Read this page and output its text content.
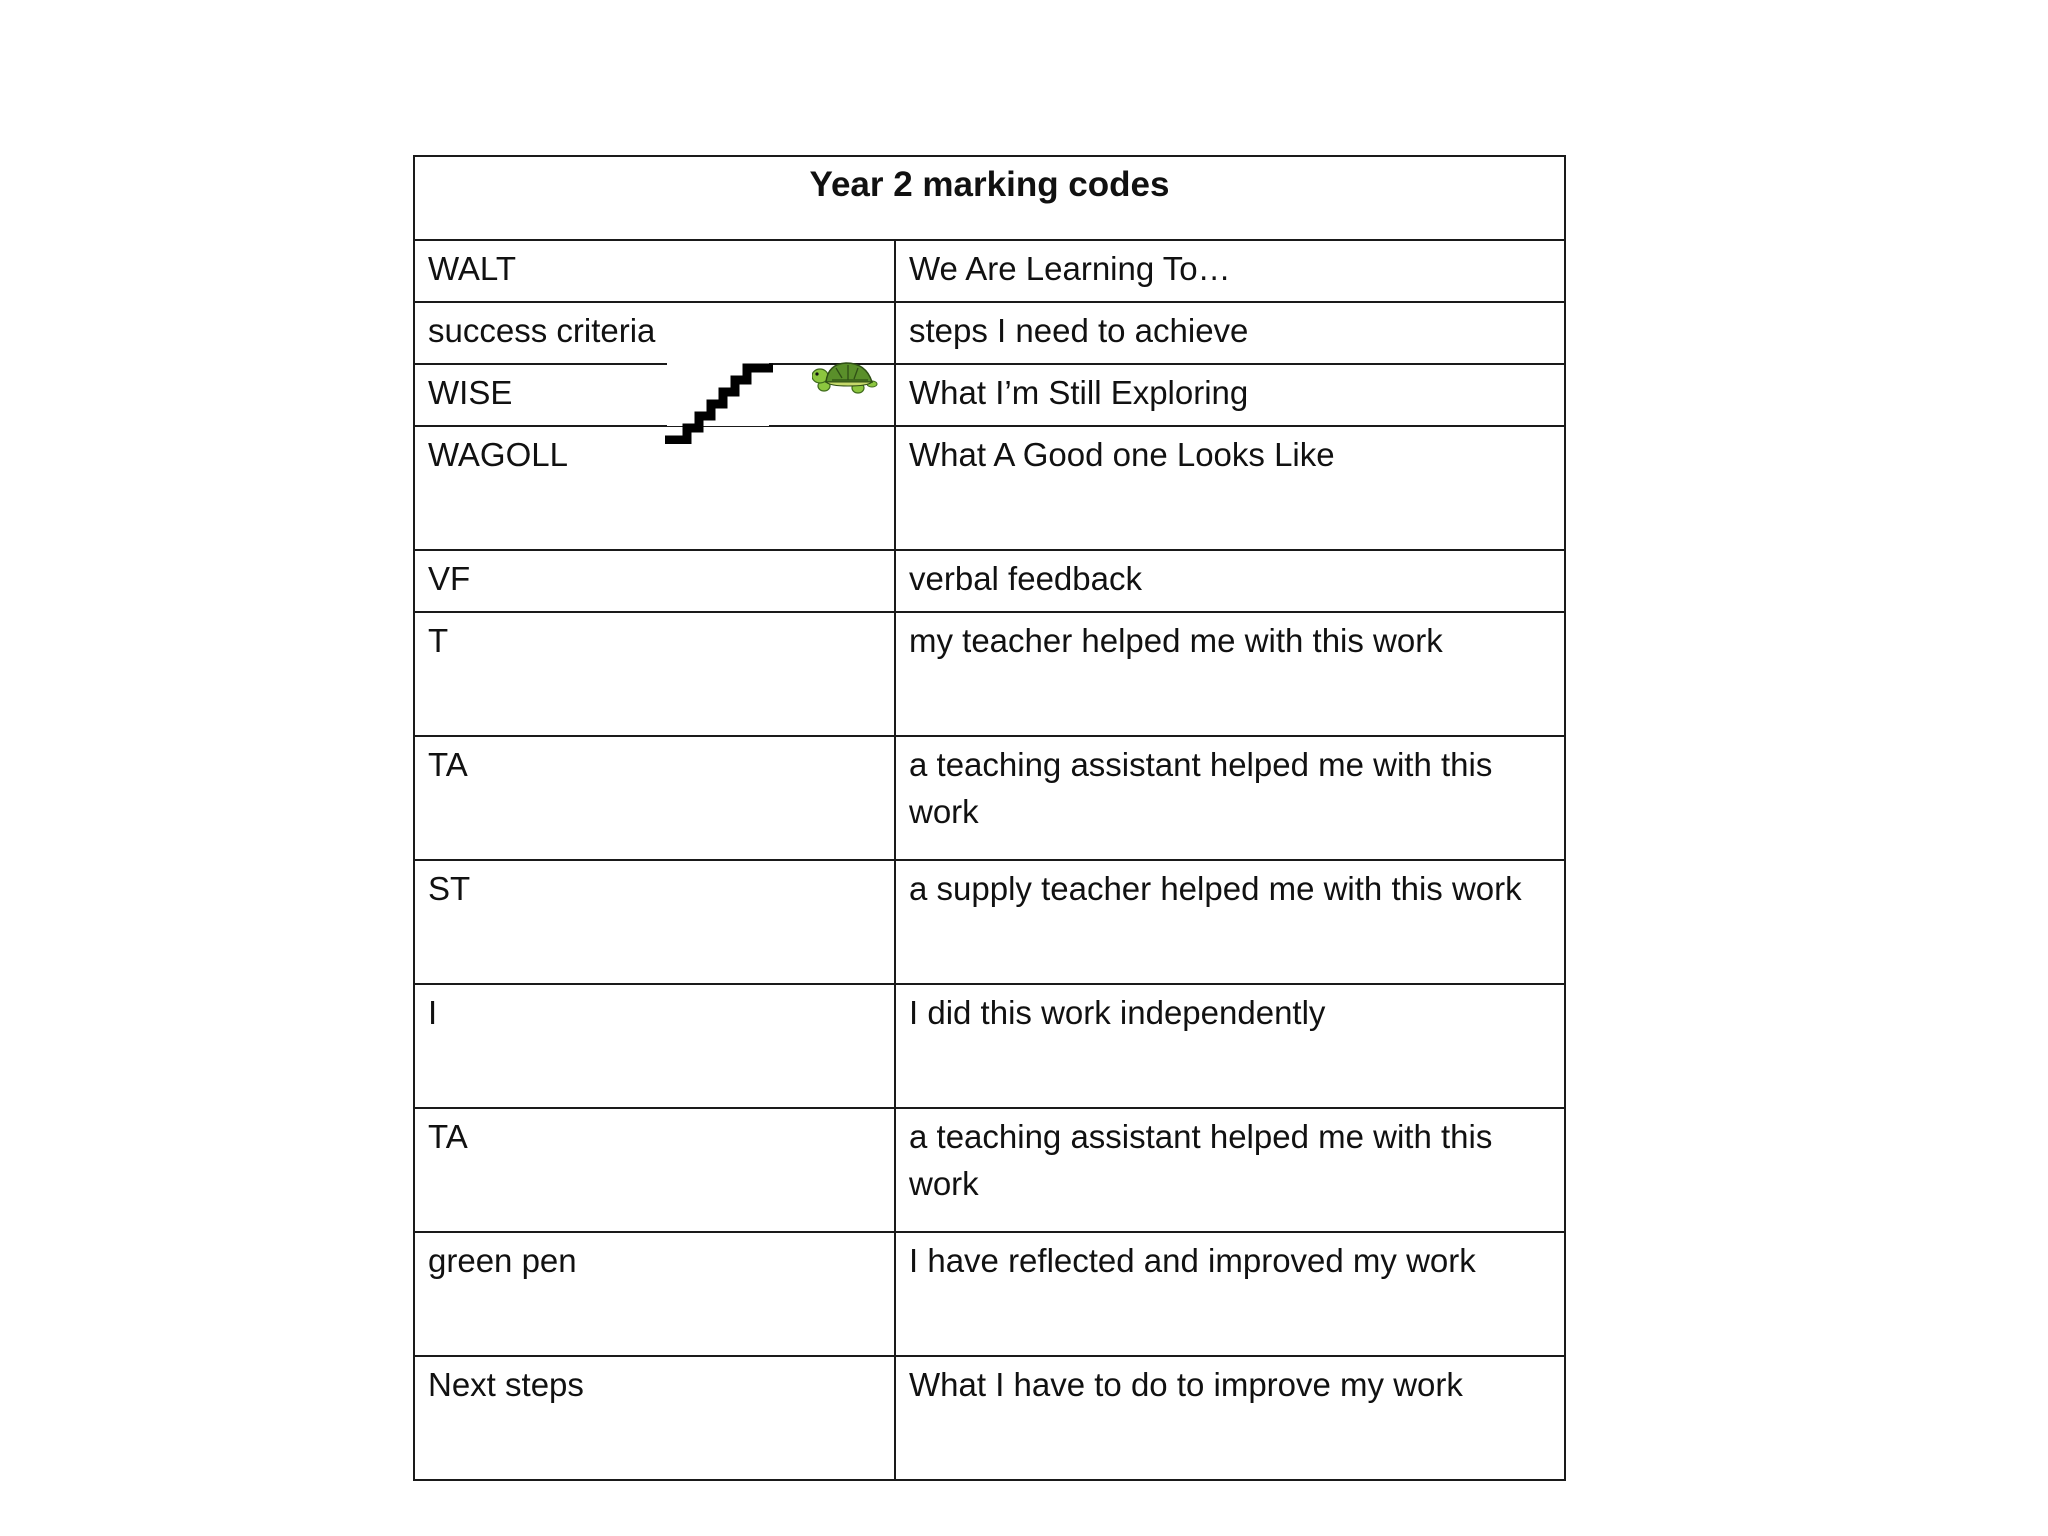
Year 2 marking codes	
WALT	We Are Learning To…
success criteria	steps I need to achieve
WISE	What I’m Still Exploring
WAGOLL	What A Good one Looks Like
VF	verbal feedback
T	my teacher helped me with this work
TA	a teaching assistant helped me with this work
ST	a supply teacher helped me with this work
I	I did this work independently
TA	a teaching assistant helped me with this work
green pen	I have reflected and improved my work
Next steps	What I have to do to improve my work
